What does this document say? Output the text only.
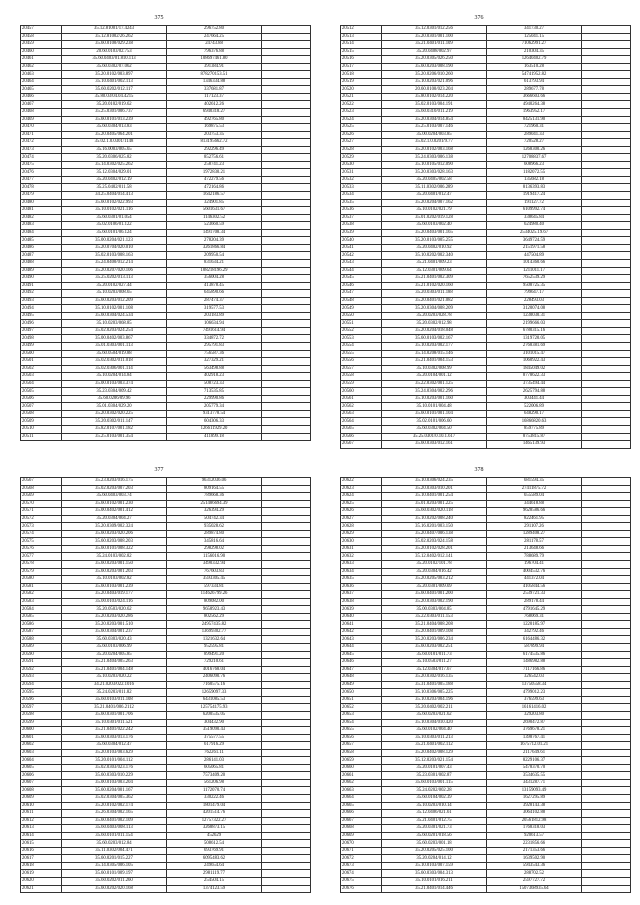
375
20457	35.12.81001/17.4243	296752.80	
20458	35.12.81002/26.262	247664.25	
20459	35.60.0100/029.238	24743.88	
20460	20.60.0103/02.753	796376.88	
20461	35.60.0403/01.810.113	108697461.80	
20462	35.60.0302/07.062	391384.91	
20463	35.20.0102/003.897	878270153.51	
20464	35.10.0401/002.113	1346334.88	
20465	35.60.0202/012.117	337681.87	
20466	35.80.03/04.04.4215	117123.37	
20467	35.20.0102/019.62	402612.26	
20468	35.25.0301/006.737	6940318.27	
20469	35.60.0101/013.239	492765.80	
20470	35.60.0304/013.83	169875.53	
20471	35.20.0405/064.201	203753.35	
20472	35.02.1.0.0301/1148	813195662.72	
20473	35.16.0003/005.65	292296.49	
20474	35.20.0306/025.82	852756.61	
20475	35.14.0302/025.262	258741.23	
20476	35.12.0304/029.01	1972830.21	
20477	35.20.0402/012.19	472279.56	
20478	35.25.0402/011.58	472164.86	
20479	34.25.0404/014.413	1642186.57	
20480	35.60.0102/022.993	324901.85	
20481	35.10.0102/021.116	5601631.67	
20482	35.60.0301/01.054	1146302.52	
20483	35.02.0106/01.122	523660.59	
20484	35.60.0101/06.124	1491708.34	
20485	35.00.0204/021.123	278204.39	
20486	35.20.0704/020.010	3261866.84	
20487	35.02.0103/008.163	209950.54	
20488	35.24.0400/012.214	831634.21	
20489	35.20.0207/020.106	108218196.29	
20490	35.25.0202/013.113	356004.28	
20491	35.20.0102/027.44	413878.45	
20492	35.10.0203/008.65	645890.66	
20493	35.60.0203/012.209	287474.37	
20494	35.10.0102/001.108	319577.53	
20495	35.60.0304/024.534	203183.89	
20496	35.10.0203/068.85	106634.94	
20497	35.02.0203/024.254	7491614.94	
20498	35.00.0402/003.867	334872.72	
20499	35.01.0303/001.113	295791.83	
20500	35.60.0504/019.88	756587.36	
20501	35.02.0302/011.018	327329.21	
20502	35.02.0306/001.114	563498.88	
20503	35.10.0204/014.84	402918.23	
20504	35.00.0103/003.374	508723.33	
20505	35.23.0304/009.42	713535.85	
20506	35.60.0206/09.96	229990.86	
20507	35.01.0304/029.20	205779.34	
20508	35.20.0302/020.225	9313778.54	
20509	35.20.0302/011.147	604306.33	
20510	35.82.0107/001.182	126611929.20	
20511	35.25.0103/001.354	411899.18	
376
20512	35.12.0301/012.256	341730.27	
20513	35.20.0301/001.100	125041.15	
20514	35.21.0401/011.109	71062991.27	
20515	35.20.0408/002.97	210304.35	
20516	35.20.0305/026.250	12640402.79	
20517	35.60.0203/008.190	163510.28	
20518	35.20.0206/010.260	54741952.82	
20519	35.10.0203/021.096	613793.94	
20520	20.60.0100/023.204	289677.78	
20521	35.80.0102/014.220	3666603.66	
20522	35.02.0103/004.191	4940264.38	
20523	35.60.0310/011.219	1963952.17	
20524	35.20.0304/014.854	8425131.90	
20525	35.25.0103/007.146	721960.31	
20526	35.00.0204/003.85	289041.33	
20527	35.02.1.0.0201/9.77	720528.27	
20528	35.20.0102/003.168	1268300.26	
20529	35.24.0303/006.138	12708837.67	
20530	35.10.0105/012.090	608966.23	
20531	35.20.0303/028.163	1182072.55	
20532	35.20.0405/002.58	135682.18	
20533	35.11.0302/006.289	8136393.83	
20534	35.20.0401/012.47	1919417.24	
20535	35.20.0204/007.162	191127.72	
20536	35.10.0102/021.79	6109992.74	
20537	35.01.0202/019.128	338645.84	
20538	35.60.0103/002.40	624980.40	
20539	35.20.0403/001.165	2534025.19.67	
20540	35.20.0103/005.255	3649724.59	
20541	35.20.0402/010.92	2151971.58	
20542	35.10.0202/002.340	447504.89	
20543	35.21.0401/009.23	1014360.66	
20544	35.12.0301/009.64	1211011.17	
20545	35.21.0401/002.309	7652539.29	
20546	35.21.0102/020.160	9508725.35	
20547	35.20.0303/011.188	799647.17	
20548	35.20.0401/021.082	228493.03	
20549	35.20.0304/008.209	3120074.08	
20550	35.20.0203/028.78	1230030.31	
20551	35.20.0302/012.98	2199666.03	
20552	35.20.0204/018.048	6780315.16	
20553	35.60.0103/002.167	1319720.05	
20554	35.10.0203/002.177	2768381.69	
20555	35.14.0208/015.146	3101015.47	
20556	35.21.0401/004.153	1060922.43	
20557	35.10.0302/008.99	1845049.02	
20558	35.20.0104/001.12	8778622.33	
20559	35.22.0302/001.125	3735494.44	
20560	35.24.0304/002.296	2625794.88	
20561	35.10.0203/001.160	303441.44	
20562	35.10.0101/004.48	522006.89	
20563	35.60.0101/001.104	648290.17	
20564	35.02.0101/006.60	16866820.63	
20565	35.60.0302/004.50	859775.89	
20566	35.25.0301/0.10.1.617	8753815.87	
20567	35.60.0303/012.161	1465139.93	
377
20567	35.23.0203/016.175	96312036.06	
20568	35.02.0203/007.203	809164.55	
20569	35.60.0403/003.74	789668.36	
20570	35.60.0102/001.230	251486694.39	
20571	35.00.0402/001.412	326394.29	
20572	35.20.0304/004.27	504742.34	
20573	35.20.0309/002.324	935028.62	
20574	35.60.0203/020.206	289874.80	
20575	35.60.0203/008.203	345816.64	
20576	35.60.0101/008.322	298298.02	
20577	35.24.0103/002.82	1156016.90	
20578	35.60.0203/001.150	3490332.94	
20579	35.60.0203/001.203	767603.83	
20580	35.10.0103/002.82	3593305.45	
20581	35.60.0103/001.239	597334.81	
20582	35.20.0403/019.177	114626799.26	
20583	35.00.0103/024.116	809082.00	
20584	35.20.0503/020.62	9658923.43	
20585	35.20.0203/020.286	802562.29	
20586	35.20.0203/001.510	24957435.82	
20587	35.60.0304/001.237	13699302.77	
20588	35.60.0303/020.43	1321632.64	
20589	35.60.0103/006.99	952595.81	
20590	35.20.0204/005.85	899491.20	
20591	35.21.0404/005.263	729210.61	
20592	35.21.0401/004.148	4016768.04	
20593	35.10.0203/020.22	2406090.76	
20594	34.21.0203/022.1016	7160575.16	
20595	35.24.0203/011.82	12659097.33	
20596	35.60.0103/011.108	6431085.53	
20597	35.21.0401/006.2112	125754175.93	
20598	35.60.0301/001.706	6200535.05	
20599	35.10.0301/011.521	304432.90	
20600	35.21.0401/022.242	3519090.43	
20601	35.60.0303/013.176	375577.55	
20602	35.60.0304/012.47	617916.29	
20603	35.20.0103/003.629	762261.11	
20604	35.20.0101/004.112	286141.03	
20605	35.02.0303/023.176	605065.81	
20606	35.60.0303/010.229	7573409.20	
20607	35.00.0103/003.204	561206.98	
20608	35.60.0204/001.167	1172070.74	
20609	35.02.0304/005.362	330222.46	
20610	35.20.0102/002.174	1801479.04	
20611	35.26.0304/002.165	4201514.76	
20612	35.60.0401/002.109	12757322.27	
20613	35.60.0403/008.113	3268873.15	
20614	35.60.0101/011.154	452629	
20615	35.60.0203/012.84	508612.54	
20616	35.11.0302/004.471	693769.91	
20617	35.60.0201/015.227	6095483.62	
20618	35.14.0305/006.105	249654.64	
20619	35.60.0101/009.197	2981119.77	
20620	35.60.0202/011.260	254504.15	
20621	35.60.0202/020.168	1374123.59	
378
20622	35.10.0306/024.235	681594.35	
20623	35.20.0303/010.201	27411875.72	
20624	35.10.0401/001.254	655589.04	
20625	35.01.0203/001.225	344618.88	
20626	35.60.0302/020.118	9628586.66	
20627	35.10.0202/008.240	822461.95	
20628	35.16.0201/003.150	291107.26	
20629	35.20.0407/006.138	1289408.27	
20630	35.02.0203/024.158	281178.57	
20631	35.20.0102/028.201	213648.66	
20632	35.12.0402/012.141	788689.79	
20633	35.20.0102/101.78	196704.41	
20634	35.20.0304/016.42	4004532.76	
20635	35.20.0205/003.212	441372.04	
20636	35.20.0301/009.69	4105844.56	
20637	35.60.0401/001.200	2539721.33	
20638	35.20.0303/002.190	289178.44	
20639	35.00.0303/004.85	4791645.29	
20640	35.22.0303/011.153	768069.31	
20641	35.21.0404/008.208	1220185.97	
20642	35.20.0401/009.108	342792.46	
20643	35.20.0203/006.234	6164486.32	
20644	35.60.0203/002.251	587899.94	
20645	35.60.0101/011.73	6174535.86	
20646	35.10.0503/011.27	1486982.88	
20647	35.12.0304/017.67	7117166.86	
20648	35.20.0302/016.135	326542.03	
20649	35.31.0401/005.188	13750558.34	
20650	35.10.0306/005.225	4799012.23	
20651	35.10.0203/004.196	376599.63	
20652	35.20.0402/002.211	16161416.02	
20653	35.60.0203/021.62	329203.80	
20654	35.10.0304/010.420	2690472.87	
20655	35.60.0102/004.40	3769678.21	
20656	35.10.0303/011.213	1398767.41	
20657	35.21.0401/002.112	1675712.01.21	
20658	35.20.0402/008.129	2117649.61	
20659	35.12.0203/021.154	8229106.37	
20660	35.20.0101/007.43	5478370.70	
20661	35.23.0301/002.87	3534635.55	
20662	35.60.0103/001.115	3431287.71	
20663	35.24.0202/002.28	13159093.49	
20664	35.60.0104/002.39	1627295.89	
20665	35.10.0203/010.14	3928143.38	
20666	35.12.0406/021.61	3064102.88	
20667	35.21.0401/012.75	20561812.98	
20668	35.20.0301/021.73	1768318.03	
20669	35.60.0201/018.56	920613.57	
20670	35.60.0203/001.18	2231856.66	
20671	35.20.0205/025.100	2171353.66	
20672	35.20.0204/014.12	1639502.90	
20673	35.10.0103/007.159	5943543.36	
20674	35.60.0303/004.313	288702.52	
20675	35.10.0101/016.211	2597727.72	
20676	35.21.0401/014.446	1507368935.64	
